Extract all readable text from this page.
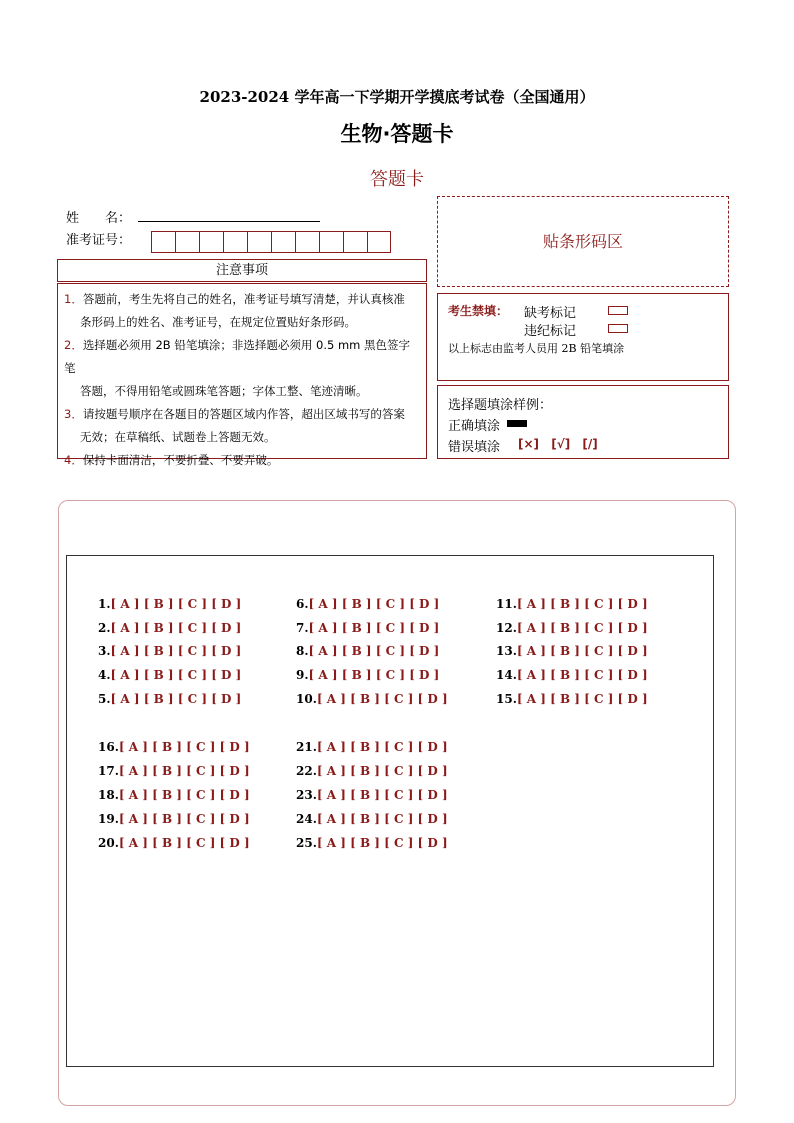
2023-2024 学年高一下学期开学摸底考试卷（全国通用）
生物·答题卡
答题卡
姓　　名：
准考证号：
注意事项
1．答题前，考生先将自己的姓名，准考证号填写清楚，并认真核准
条形码上的姓名、准考证号，在规定位置贴好条形码。
2．选择题必须用 2B 铅笔填涂；非选择题必须用 0.5 mm 黑色签字笔
答题，不得用铅笔或圆珠笔答题；字体工整、笔迹清晰。
3．请按题号顺序在各题目的答题区域内作答，超出区域书写的答案
无效；在草稿纸、试题卷上答题无效。
4．保持卡面清洁，不要折叠、不要弄破。
贴条形码区
考生禁填： 缺考标记
违纪标记
以上标志由监考人员用 2B 铅笔填涂
选择题填涂样例：
正确填涂
错误填涂 [×] [√] [/]
1.[ A ] [ B ] [ C ] [ D ]
2.[ A ] [ B ] [ C ] [ D ]
3.[ A ] [ B ] [ C ] [ D ]
4.[ A ] [ B ] [ C ] [ D ]
5.[ A ] [ B ] [ C ] [ D ]
6.[ A ] [ B ] [ C ] [ D ]
7.[ A ] [ B ] [ C ] [ D ]
8.[ A ] [ B ] [ C ] [ D ]
9.[ A ] [ B ] [ C ] [ D ]
10.[ A ] [ B ] [ C ] [ D ]
11.[ A ] [ B ] [ C ] [ D ]
12.[ A ] [ B ] [ C ] [ D ]
13.[ A ] [ B ] [ C ] [ D ]
14.[ A ] [ B ] [ C ] [ D ]
15.[ A ] [ B ] [ C ] [ D ]
16.[ A ] [ B ] [ C ] [ D ]
17.[ A ] [ B ] [ C ] [ D ]
18.[ A ] [ B ] [ C ] [ D ]
19.[ A ] [ B ] [ C ] [ D ]
20.[ A ] [ B ] [ C ] [ D ]
21.[ A ] [ B ] [ C ] [ D ]
22.[ A ] [ B ] [ C ] [ D ]
23.[ A ] [ B ] [ C ] [ D ]
24.[ A ] [ B ] [ C ] [ D ]
25.[ A ] [ B ] [ C ] [ D ]
